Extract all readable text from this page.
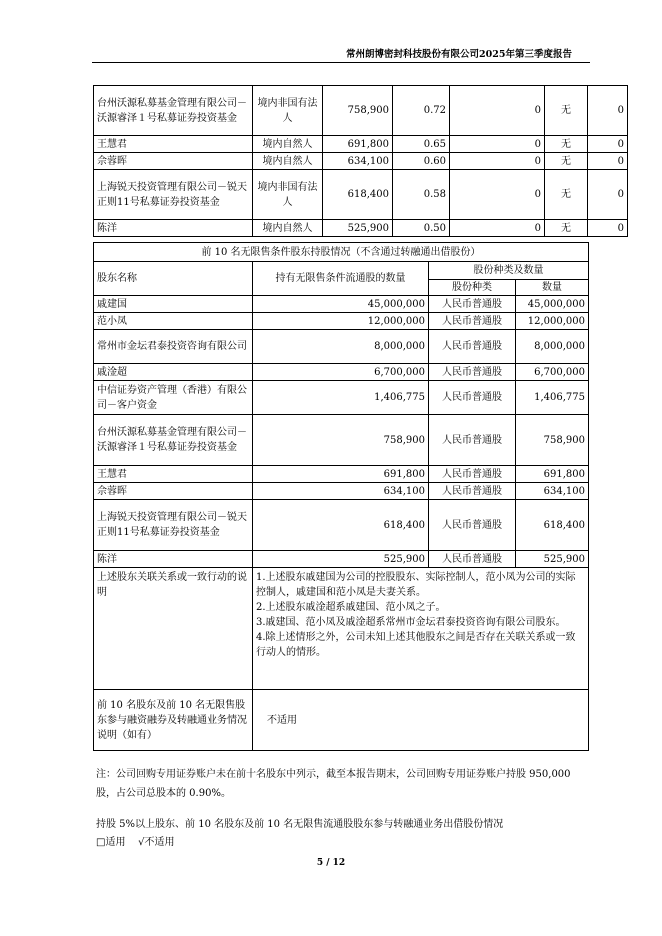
常州朗博密封科技股份有限公司2025年第三季度报告
台州沃源私募基金管理有限公司－沃源睿泽１号私募证券投资基金	境内非国有法人	758,900	0.72	0	无	0
王慧君	境内自然人	691,800	0.65	0	无	0
佘蓉晖	境内自然人	634,100	0.60	0	无	0
上海锐天投资管理有限公司－锐天正则11号私募证券投资基金	境内非国有法人	618,400	0.58	0	无	0
陈洋	境内自然人	525,900	0.50	0	无	0
前 10 名无限售条件股东持股情况（不含通过转融通出借股份）			
股东名称	持有无限售条件流通股的数量	股份种类及数量	
		股份种类	数量
戚建国	45,000,000	人民币普通股	45,000,000
范小凤	12,000,000	人民币普通股	12,000,000
常州市金坛君泰投资咨询有限公司	8,000,000	人民币普通股	8,000,000
戚淦超	6,700,000	人民币普通股	6,700,000
中信证券资产管理（香港）有限公司－客户资金	1,406,775	人民币普通股	1,406,775
台州沃源私募基金管理有限公司－沃源睿泽１号私募证券投资基金	758,900	人民币普通股	758,900
王慧君	691,800	人民币普通股	691,800
佘蓉晖	634,100	人民币普通股	634,100
上海锐天投资管理有限公司－锐天正则11号私募证券投资基金	618,400	人民币普通股	618,400
陈洋	525,900	人民币普通股	525,900
上述股东关联关系或一致行动的说明	1.上述股东戚建国为公司的控股股东、实际控制人，范小凤为公司的实际控制人，戚建国和范小凤是夫妻关系。
2.上述股东戚淦超系戚建国、范小凤之子。
3.戚建国、范小凤及戚淦超系常州市金坛君泰投资咨询有限公司股东。
4.除上述情形之外，公司未知上述其他股东之间是否存在关联关系或一致行动人的情形。		

前 10 名股东及前 10 名无限售股东参与融资融券及转融通业务情况说明（如有）	不适用		
注：公司回购专用证券账户未在前十名股东中列示，截至本报告期末，公司回购专用证券账户持股 950,000 股，占公司总股本的 0.90%。
持股 5%以上股东、前 10 名股东及前 10 名无限售流通股股东参与转融通业务出借股份情况
□适用 √不适用
5 / 12
